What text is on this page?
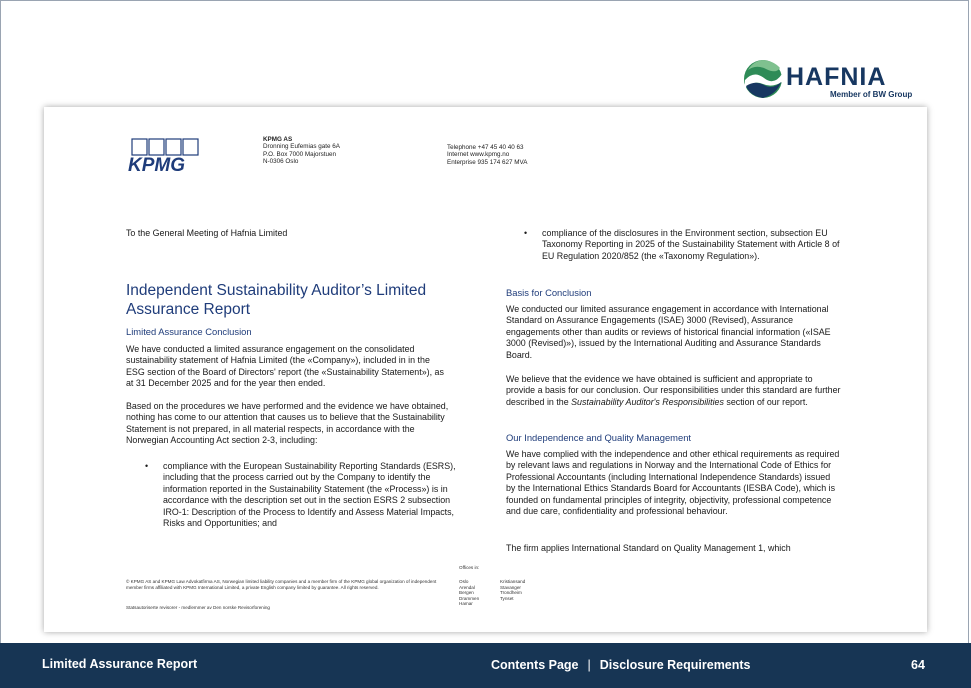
HAFNIA
Member of BW Group
KPMG
KPMG AS
Dronning Eufemias gate 6A
P.O. Box 7000 Majorstuen
N-0306 Oslo
Telephone +47 45 40 40 63
Internet www.kpmg.no
Enterprise 935 174 627 MVA
To the General Meeting of Hafnia Limited
Independent Sustainability Auditor’s Limited Assurance Report
Limited Assurance Conclusion
We have conducted a limited assurance engagement on the consolidated sustainability statement of Hafnia Limited (the «Company»), included in in the ESG section of the Board of Directors' report (the «Sustainability Statement»), as at 31 December 2025 and for the year then ended.
Based on the procedures we have performed and the evidence we have obtained, nothing has come to our attention that causes us to believe that the Sustainability Statement is not prepared, in all material respects, in accordance with the Norwegian Accounting Act section 2-3, including:
• compliance with the European Sustainability Reporting Standards (ESRS), including that the process carried out by the Company to identify the information reported in the Sustainability Statement (the «Process») is in accordance with the description set out in the section ESRS 2 subsection IRO-1: Description of the Process to Identify and Assess Material Impacts, Risks and Opportunities; and
• compliance of the disclosures in the Environment section, subsection EU Taxonomy Reporting in 2025 of the Sustainability Statement with Article 8 of EU Regulation 2020/852 (the «Taxonomy Regulation»).
Basis for Conclusion
We conducted our limited assurance engagement in accordance with International Standard on Assurance Engagements (ISAE) 3000 (Revised), Assurance engagements other than audits or reviews of historical financial information («ISAE 3000 (Revised)»), issued by the International Auditing and Assurance Standards Board.
We believe that the evidence we have obtained is sufficient and appropriate to provide a basis for our conclusion. Our responsibilities under this standard are further described in the Sustainability Auditor's Responsibilities section of our report.
Our Independence and Quality Management
We have complied with the independence and other ethical requirements as required by relevant laws and regulations in Norway and the International Code of Ethics for Professional Accountants (including International Independence Standards) issued by the International Ethics Standards Board for Accountants (IESBA Code), which is founded on fundamental principles of integrity, objectivity, professional competence and due care, confidentiality and professional behaviour.
The firm applies International Standard on Quality Management 1, which
© KPMG AS and KPMG Law Advokatfirma AS, Norwegian limited liability companies and a member firm of the KPMG global organization of independent member firms affiliated with KPMG International Limited, a private English company limited by guarantee. All rights reserved.
Statsautoriserte revisorer - medlemmer av Den norske Revisorforening
Offices in:
Oslo
Arendal
Bergen
Drammen
Hamar
Kristiansand
Stavanger
Trondheim
Tynset
Limited Assurance Report	Contents Page | Disclosure Requirements	64
